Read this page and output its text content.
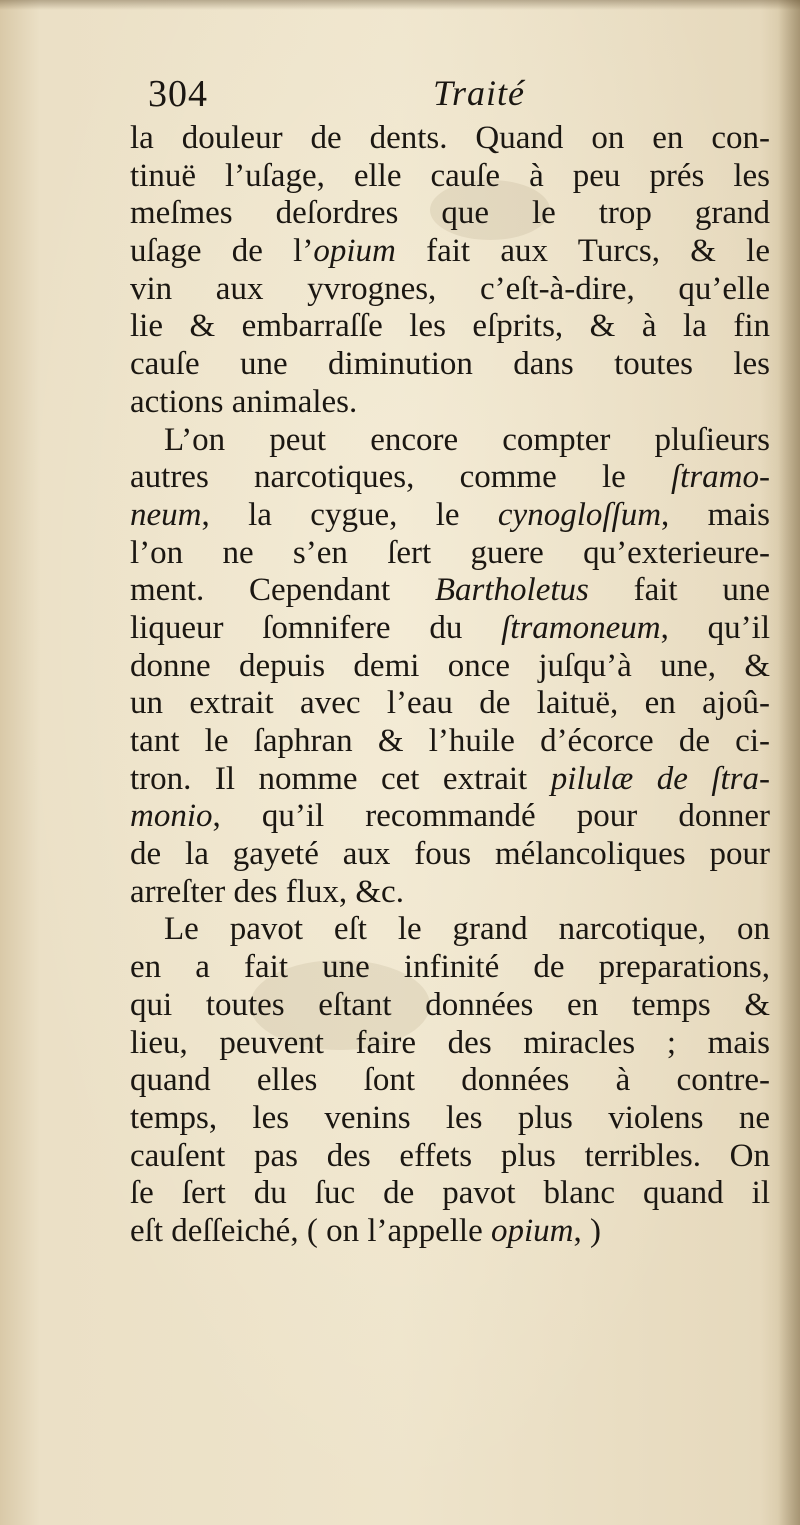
304	Traité
la douleur de dents. Quand on en con-
tinuë l’uſage, elle cauſe à peu prés les
meſmes deſordres que le trop grand
uſage de l’opium fait aux Turcs, & le
vin aux yvrognes, c’eſt-à-dire, qu’elle
lie & embarraſſe les eſprits, & à la fin
cauſe une diminution dans toutes les
actions animales.
L’on peut encore compter pluſieurs
autres narcotiques, comme le ſtramo-
neum, la cygue, le cynogloſſum, mais
l’on ne s’en ſert guere qu’exterieure-
ment. Cependant Bartholetus fait une
liqueur ſomnifere du ſtramoneum, qu’il
donne depuis demi once juſqu’à une, &
un extrait avec l’eau de laituë, en ajoû-
tant le ſaphran & l’huile d’écorce de ci-
tron. Il nomme cet extrait pilulæ de ſtra-
monio, qu’il recommandé pour donner
de la gayeté aux fous mélancoliques pour
arreſter des flux, &c.
Le pavot eſt le grand narcotique, on
en a fait une infinité de preparations,
qui toutes eſtant données en temps &
lieu, peuvent faire des miracles ; mais
quand elles ſont données à contre-
temps, les venins les plus violens ne
cauſent pas des effets plus terribles. On
ſe ſert du ſuc de pavot blanc quand il
eſt deſſeiché, ( on l’appelle opium, )
